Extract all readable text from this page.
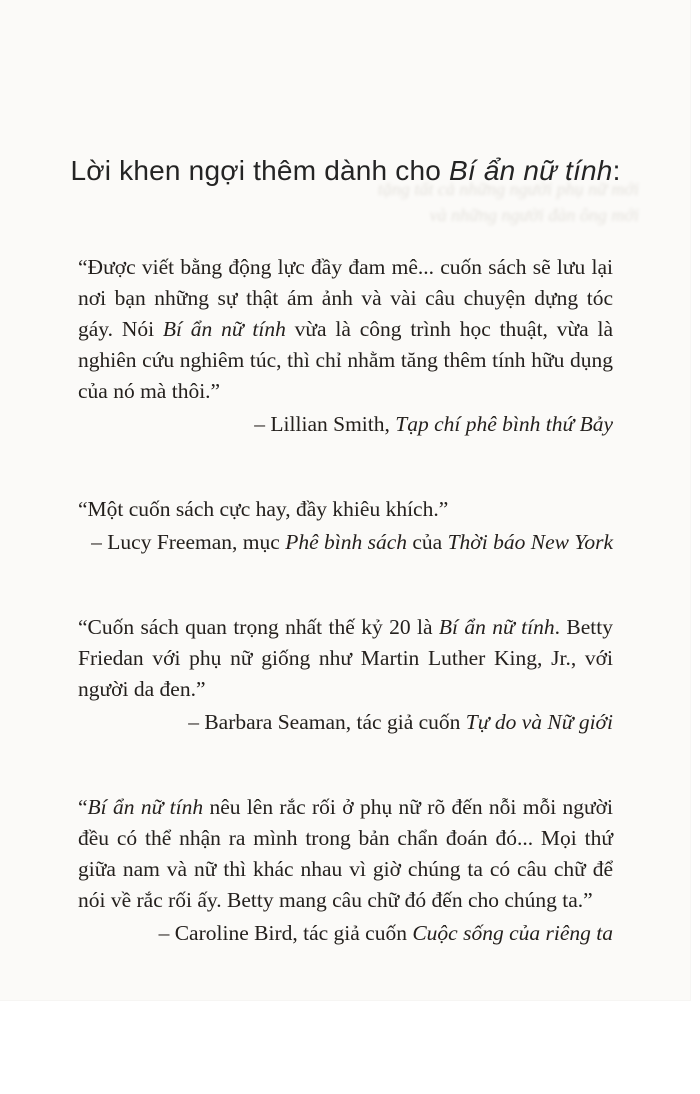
Lời khen ngợi thêm dành cho Bí ẩn nữ tính:
tặng tất cả những người phụ nữ mới
và những người đàn ông mới

“Được viết bằng động lực đầy đam mê... cuốn sách sẽ lưu lại nơi bạn những sự thật ám ảnh và vài câu chuyện dựng tóc gáy. Nói Bí ẩn nữ tính vừa là công trình học thuật, vừa là nghiên cứu nghiêm túc, thì chỉ nhằm tăng thêm tính hữu dụng của nó mà thôi.”

– Lillian Smith, Tạp chí phê bình thứ Bảy

“Một cuốn sách cực hay, đầy khiêu khích.”

– Lucy Freeman, mục Phê bình sách của Thời báo New York

“Cuốn sách quan trọng nhất thế kỷ 20 là Bí ẩn nữ tính. Betty Friedan với phụ nữ giống như Martin Luther King, Jr., với người da đen.”

– Barbara Seaman, tác giả cuốn Tự do và Nữ giới

“Bí ẩn nữ tính nêu lên rắc rối ở phụ nữ rõ đến nỗi mỗi người đều có thể nhận ra mình trong bản chẩn đoán đó... Mọi thứ giữa nam và nữ thì khác nhau vì giờ chúng ta có câu chữ để nói về rắc rối ấy. Betty mang câu chữ đó đến cho chúng ta.”

– Caroline Bird, tác giả cuốn Cuộc sống của riêng ta
